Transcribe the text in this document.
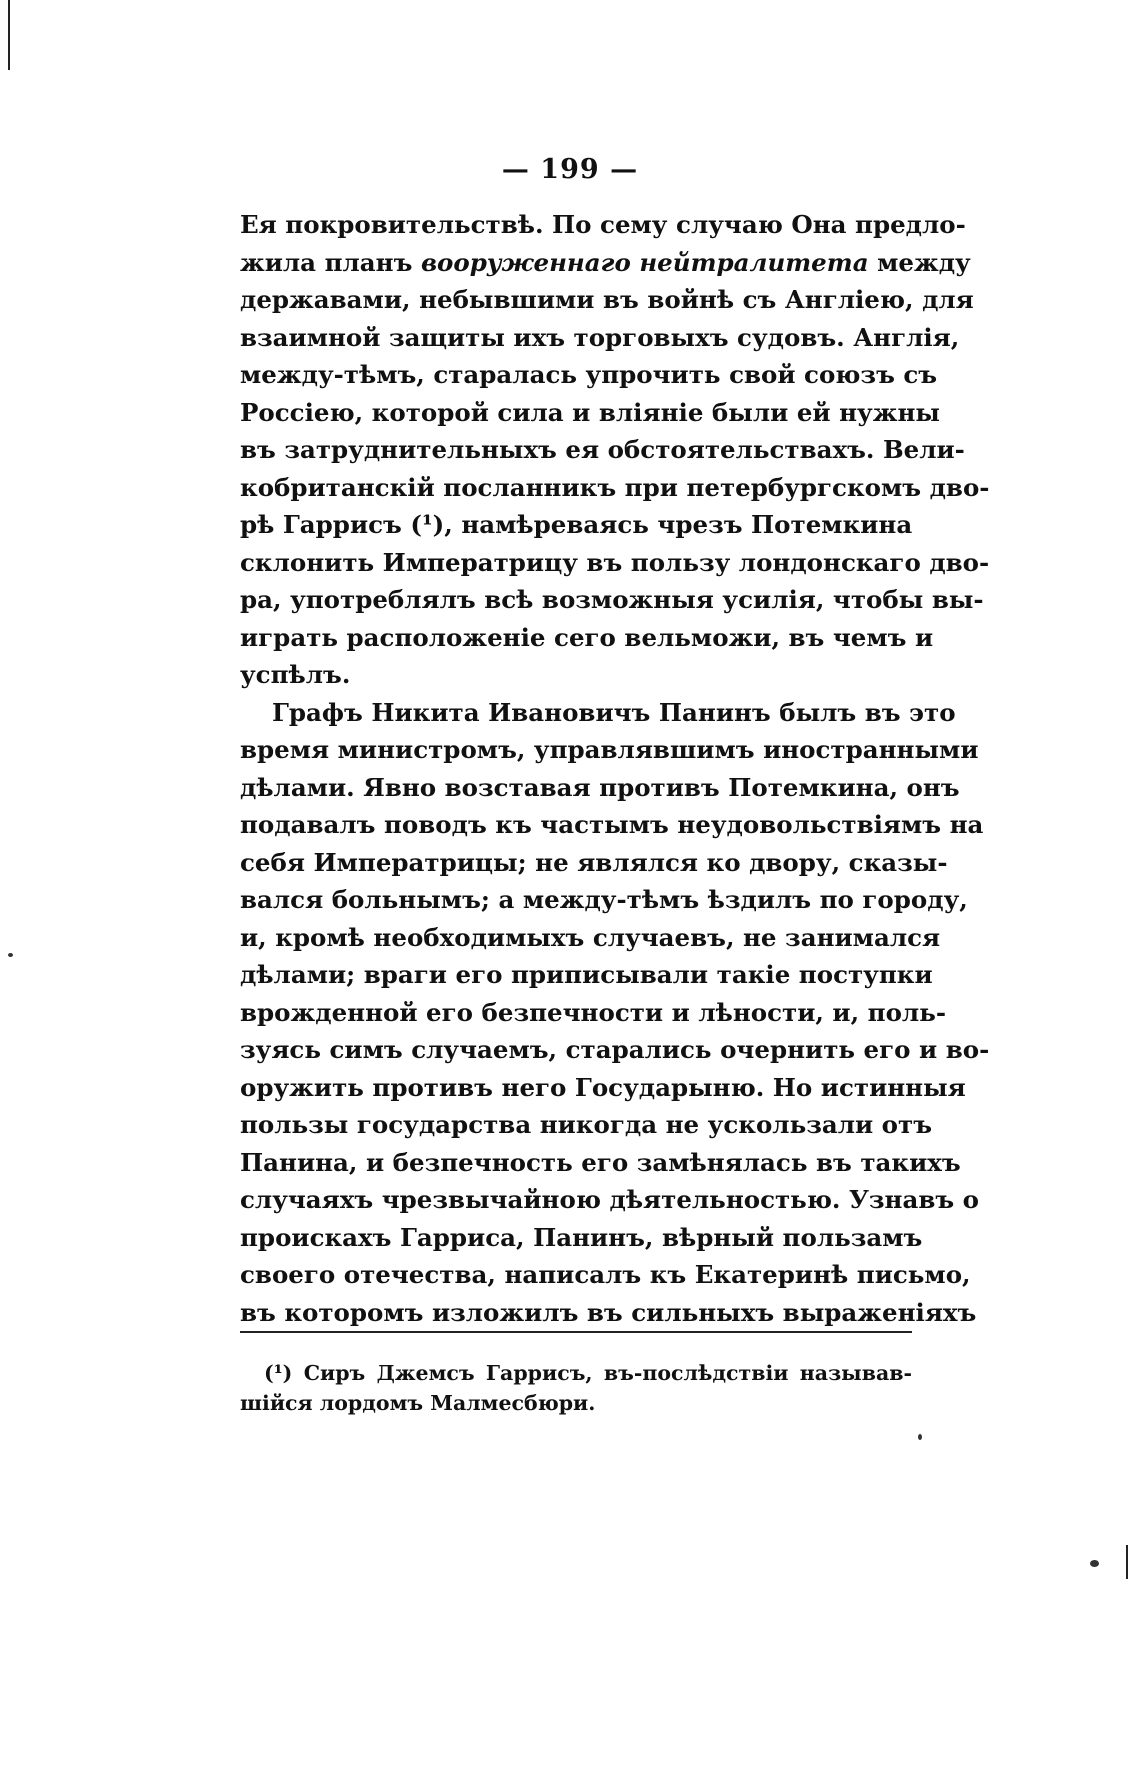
— 199 —
Ея покровительствѣ. По сему случаю Она предло-
жила планъ вооруженнаго нейтралитета между
державами, небывшими въ войнѣ съ Англіею, для
взаимной защиты ихъ торговыхъ судовъ. Англія,
между-тѣмъ, старалась упрочить свой союзъ съ
Россіею, которой сила и вліяніе были ей нужны
въ затруднительныхъ ея обстоятельствахъ. Вели-
кобританскій посланникъ при петербургскомъ дво-
рѣ Гаррисъ (¹), намѣреваясь чрезъ Потемкина
склонить Императрицу въ пользу лондонскаго дво-
ра, употреблялъ всѣ возможныя усилія, чтобы вы-
играть расположеніе сего вельможи, въ чемъ и
успѣлъ.
Графъ Никита Ивановичъ Панинъ былъ въ это
время министромъ, управлявшимъ иностранными
дѣлами. Явно возставая противъ Потемкина, онъ
подавалъ поводъ къ частымъ неудовольствіямъ на
себя Императрицы; не являлся ко двору, сказы-
вался больнымъ; а между-тѣмъ ѣздилъ по городу,
и, кромѣ необходимыхъ случаевъ, не занимался
дѣлами; враги его приписывали такіе поступки
врожденной его безпечности и лѣности, и, поль-
зуясь симъ случаемъ, старались очернить его и во-
оружить противъ него Государыню. Но истинныя
пользы государства никогда не ускользали отъ
Панина, и безпечность его замѣнялась въ такихъ
случаяхъ чрезвычайною дѣятельностью. Узнавъ о
проискахъ Гарриса, Панинъ, вѣрный пользамъ
своего отечества, написалъ къ Екатеринѣ письмо,
въ которомъ изложилъ въ сильныхъ выраженіяхъ
(¹) Сиръ Джемсъ Гаррисъ, въ-послѣдствіи называв-
шійся лордомъ Малмесбюри.
